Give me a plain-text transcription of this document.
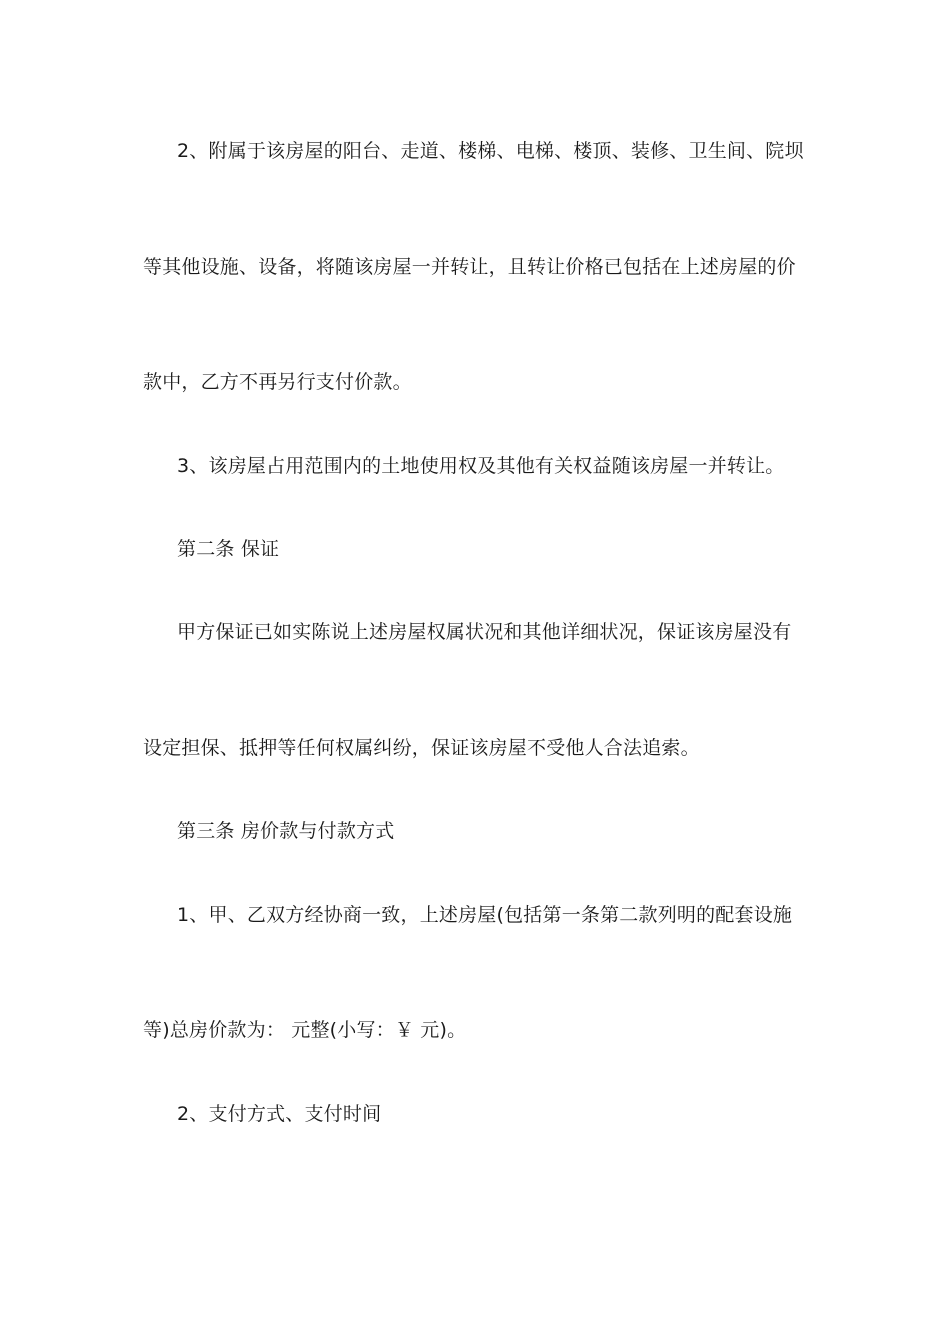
2、附属于该房屋的阳台、走道、楼梯、电梯、楼顶、装修、卫生间、院坝
等其他设施、设备，将随该房屋一并转让，且转让价格已包括在上述房屋的价
款中，乙方不再另行支付价款。
3、该房屋占用范围内的土地使用权及其他有关权益随该房屋一并转让。
第二条 保证
甲方保证已如实陈说上述房屋权属状况和其他详细状况，保证该房屋没有
设定担保、抵押等任何权属纠纷，保证该房屋不受他人合法追索。
第三条 房价款与付款方式
1、甲、乙双方经协商一致，上述房屋(包括第一条第二款列明的配套设施
等)总房价款为： 元整(小写：￥ 元)。
2、支付方式、支付时间
